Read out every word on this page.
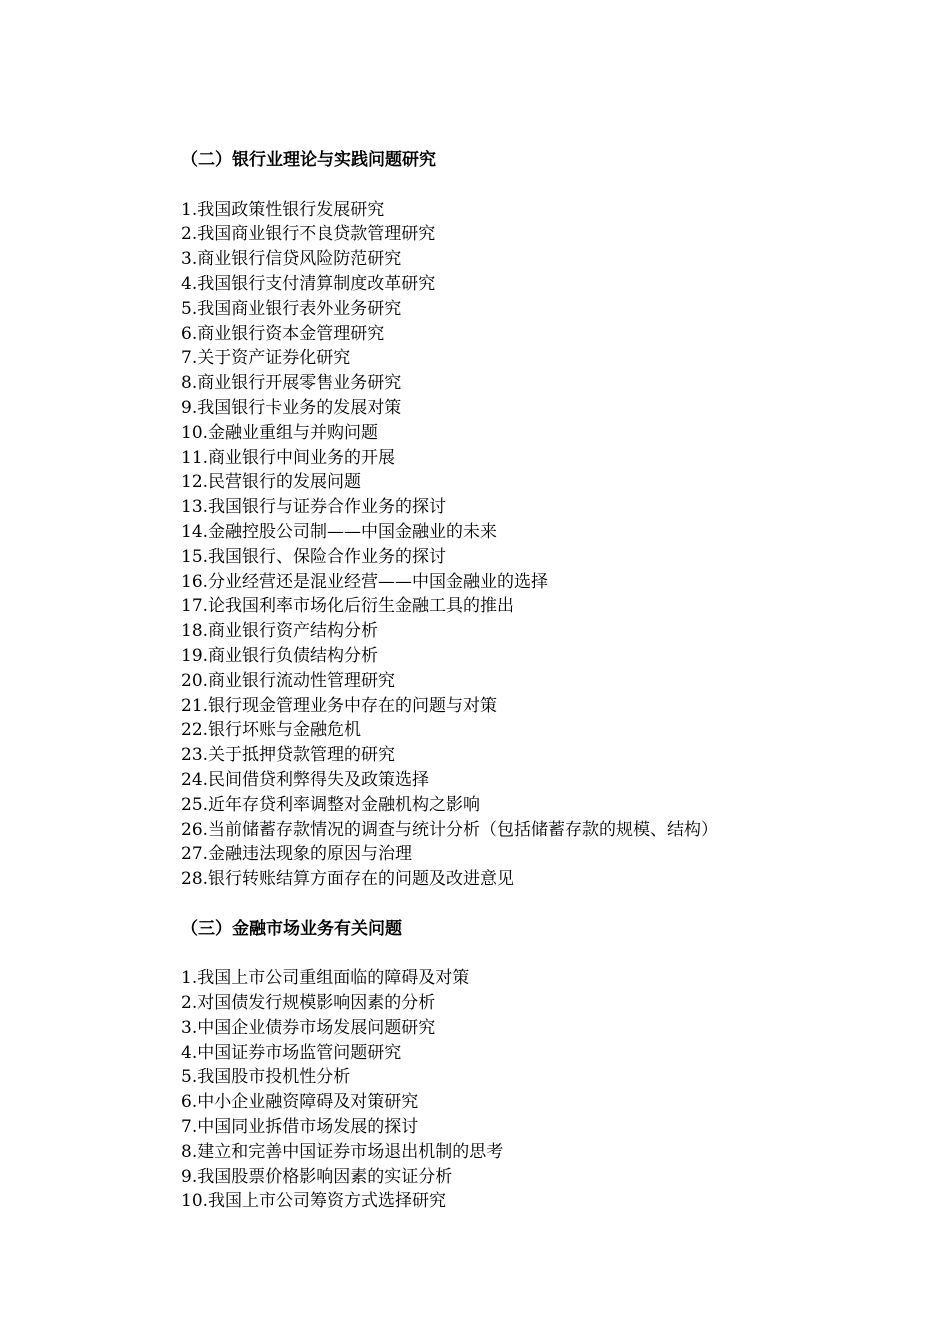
（二）银行业理论与实践问题研究
1.我国政策性银行发展研究
2.我国商业银行不良贷款管理研究
3.商业银行信贷风险防范研究
4.我国银行支付清算制度改革研究
5.我国商业银行表外业务研究
6.商业银行资本金管理研究
7.关于资产证券化研究
8.商业银行开展零售业务研究
9.我国银行卡业务的发展对策
10.金融业重组与并购问题
11.商业银行中间业务的开展
12.民营银行的发展问题
13.我国银行与证券合作业务的探讨
14.金融控股公司制——中国金融业的未来
15.我国银行、保险合作业务的探讨
16.分业经营还是混业经营——中国金融业的选择
17.论我国利率市场化后衍生金融工具的推出
18.商业银行资产结构分析
19.商业银行负债结构分析
20.商业银行流动性管理研究
21.银行现金管理业务中存在的问题与对策
22.银行坏账与金融危机
23.关于抵押贷款管理的研究
24.民间借贷利弊得失及政策选择
25.近年存贷利率调整对金融机构之影响
26.当前储蓄存款情况的调查与统计分析（包括储蓄存款的规模、结构）
27.金融违法现象的原因与治理
28.银行转账结算方面存在的问题及改进意见
（三）金融市场业务有关问题
1.我国上市公司重组面临的障碍及对策
2.对国债发行规模影响因素的分析
3.中国企业债券市场发展问题研究
4.中国证券市场监管问题研究
5.我国股市投机性分析
6.中小企业融资障碍及对策研究
7.中国同业拆借市场发展的探讨
8.建立和完善中国证券市场退出机制的思考
9.我国股票价格影响因素的实证分析
10.我国上市公司筹资方式选择研究
